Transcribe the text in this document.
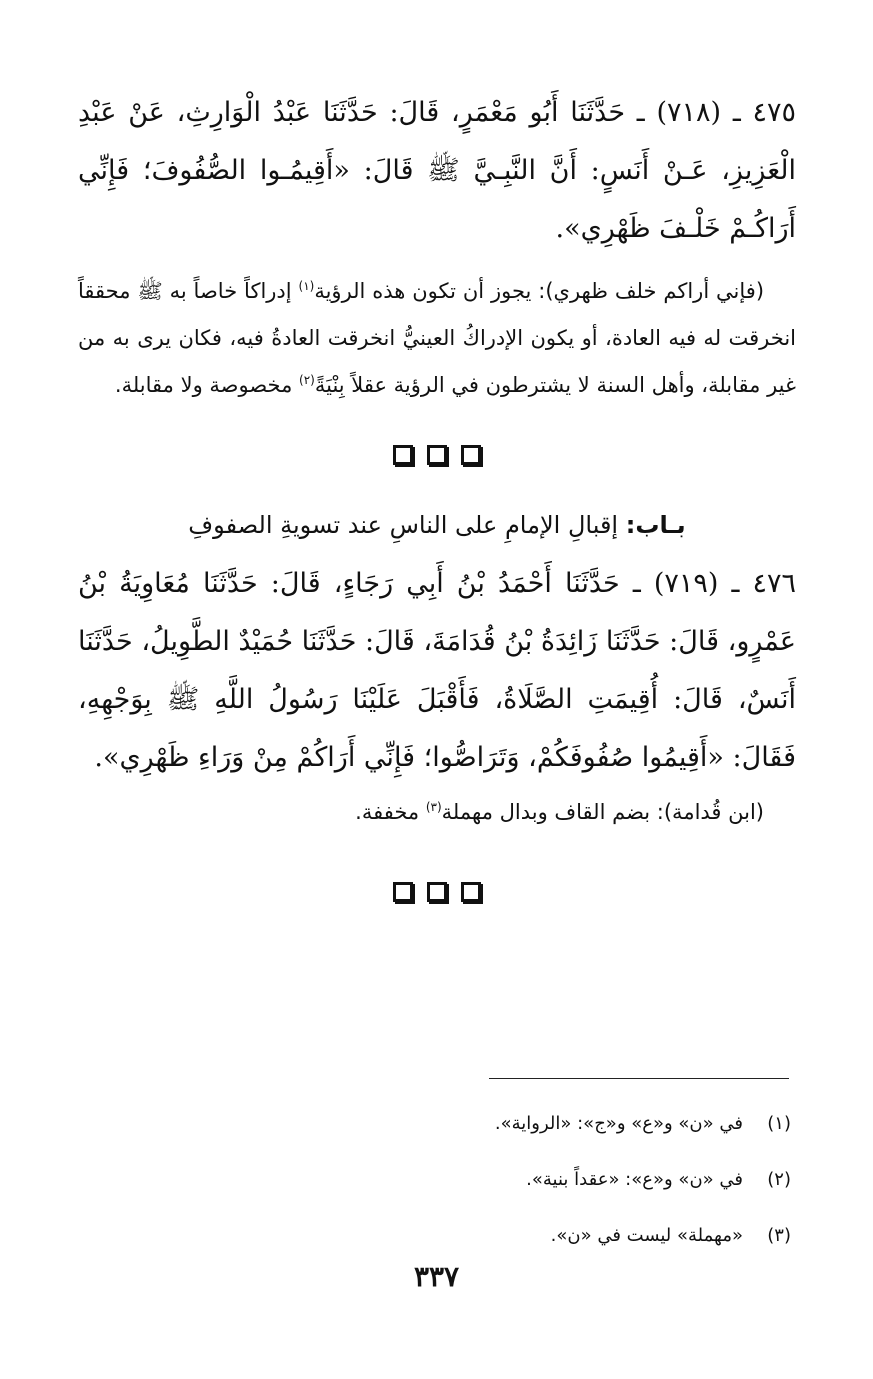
٤٧٥ ـ (٧١٨) ـ حَدَّثَنَا أَبُو مَعْمَرٍ، قَالَ: حَدَّثَنَا عَبْدُ الْوَارِثِ، عَنْ عَبْدِ الْعَزِيزِ، عَـنْ أَنَسٍ: أَنَّ النَّبِـيَّ ﷺ قَالَ: «أَقِيمُـوا الصُّفُوفَ؛ فَإِنِّي أَرَاكُـمْ خَلْـفَ ظَهْرِي».

(فإني أراكم خلف ظهري): يجوز أن تكون هذه الرؤية$^{(١)}$ إدراكاً خاصاً به ﷺ محققاً انخرقت له فيه العادة، أو يكون الإدراكُ العينيُّ انخرقت العادةُ فيه، فكان يرى به من غير مقابلة، وأهل السنة لا يشترطون في الرؤية عقلاً بِنْيَةً$^{(٢)}$ مخصوصة ولا مقابلة.

بـاب: إقبالِ الإمامِ على الناسِ عند تسويةِ الصفوفِ

٤٧٦ ـ (٧١٩) ـ حَدَّثَنَا أَحْمَدُ بْنُ أَبِي رَجَاءٍ، قَالَ: حَدَّثَنَا مُعَاوِيَةُ بْنُ عَمْرٍو، قَالَ: حَدَّثَنَا زَائِدَةُ بْنُ قُدَامَةَ، قَالَ: حَدَّثَنَا حُمَيْدٌ الطَّوِيلُ، حَدَّثَنَا أَنَسٌ، قَالَ: أُقِيمَتِ الصَّلَاةُ، فَأَقْبَلَ عَلَيْنَا رَسُولُ اللَّهِ ﷺ بِوَجْهِهِ، فَقَالَ: «أَقِيمُوا صُفُوفَكُمْ، وَتَرَاصُّوا؛ فَإِنِّي أَرَاكُمْ مِنْ وَرَاءِ ظَهْرِي».

(ابن قُدامة): بضم القاف وبدال مهملة$^{(٣)}$ مخففة.

(١)
في «ن» و«ع» و«ج»: «الرواية».
(٢)
في «ن» و«ع»: «عقداً بنية».
(٣)
«مهملة» ليست في «ن».
٣٣٧
